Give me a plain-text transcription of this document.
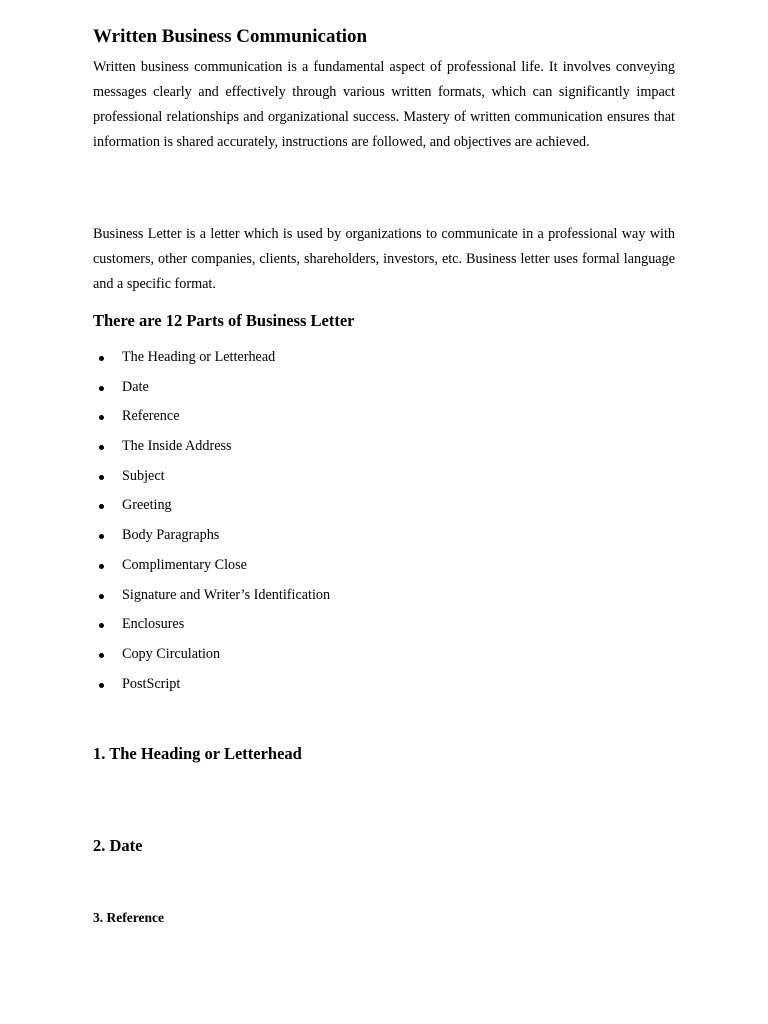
Written Business Communication

Written business communication is a fundamental aspect of professional life. It involves conveying messages clearly and effectively through various written formats, which can significantly impact professional relationships and organizational success. Mastery of written communication ensures that information is shared accurately, instructions are followed, and objectives are achieved.

Business Letter is a letter which is used by organizations to communicate in a professional way with customers, other companies, clients, shareholders, investors, etc. Business letter uses formal language and a specific format.

There are 12 Parts of Business Letter
The Heading or Letterhead
Date
Reference
The Inside Address
Subject
Greeting
Body Paragraphs
Complimentary Close
Signature and Writer’s Identification
Enclosures
Copy Circulation
PostScript
1. The Heading or Letterhead
2. Date
3. Reference
